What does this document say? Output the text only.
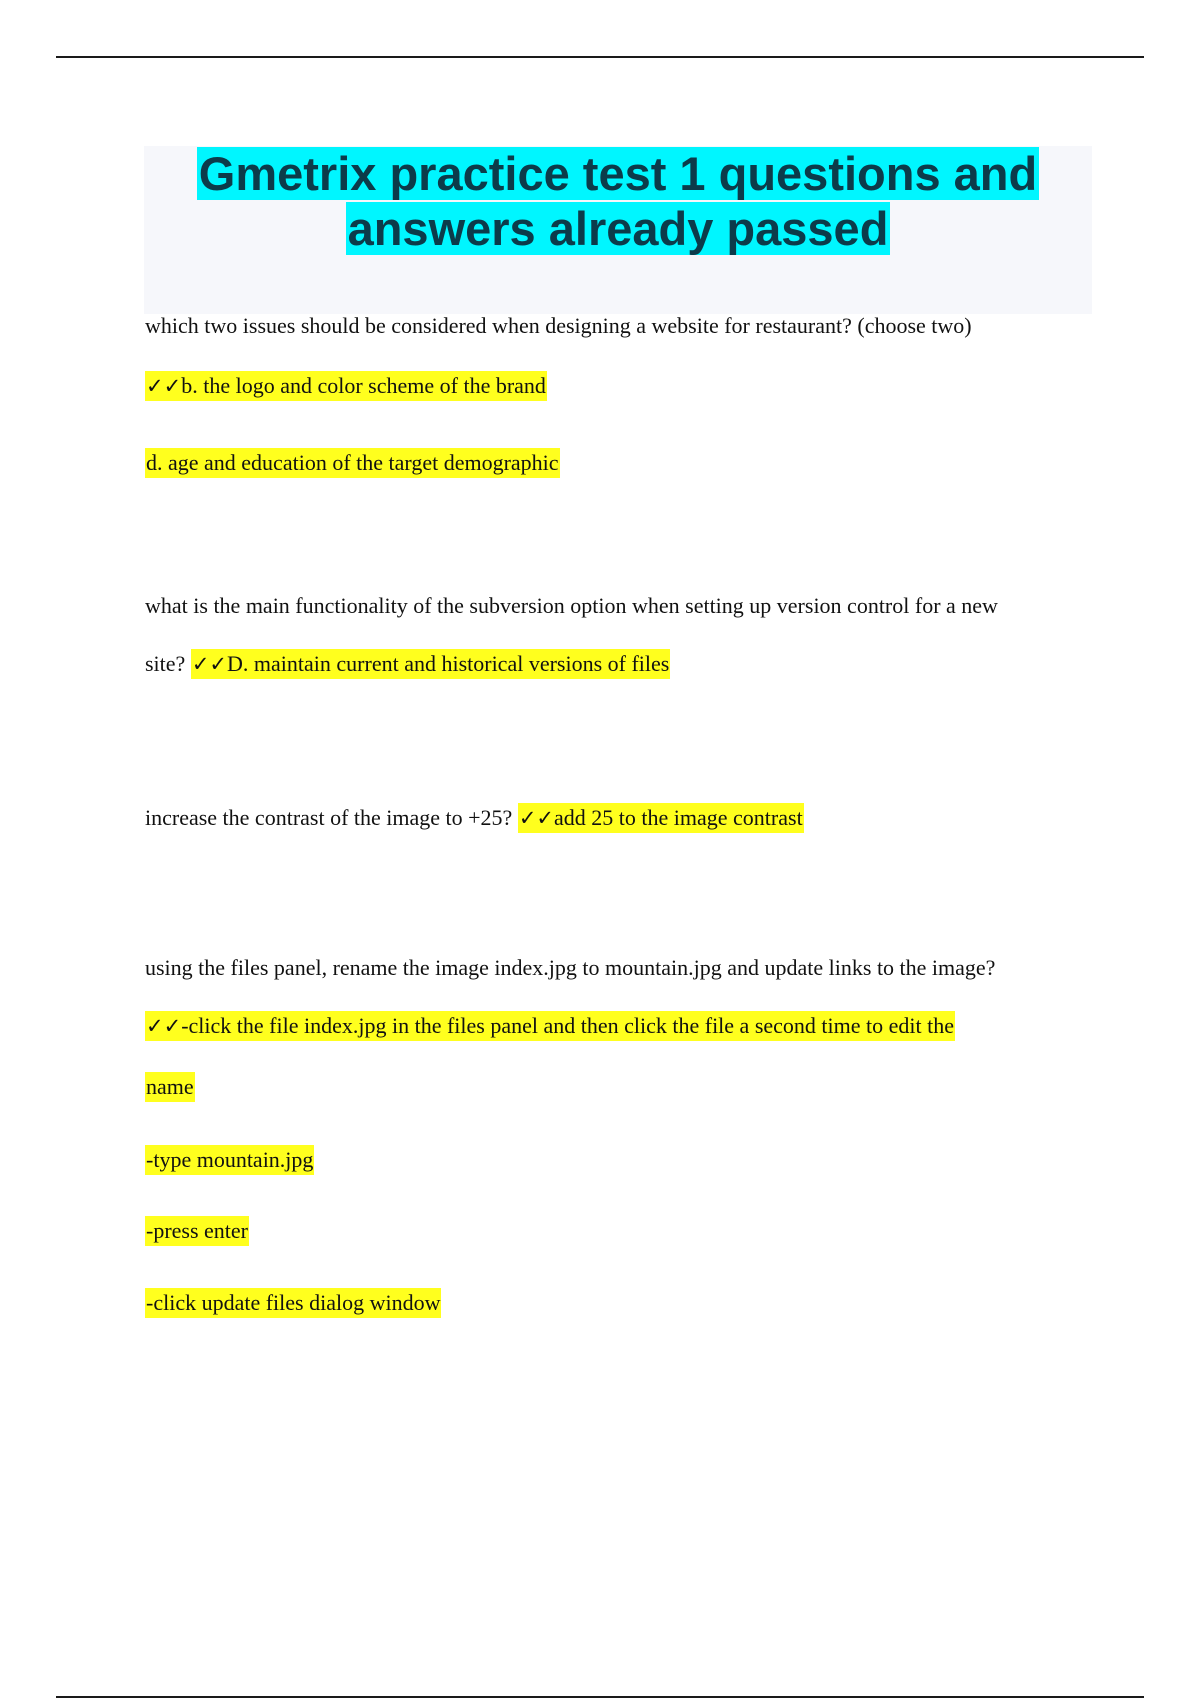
Gmetrix practice test 1 questions and
answers already passed
which two issues should be considered when designing a website for restaurant? (choose two)
✓✓b. the logo and color scheme of the brand
d. age and education of the target demographic
what is the main functionality of the subversion option when setting up version control for a new
site? ✓✓D. maintain current and historical versions of files
increase the contrast of the image to +25? ✓✓add 25 to the image contrast
using the files panel, rename the image index.jpg to mountain.jpg and update links to the image?
✓✓-click the file index.jpg in the files panel and then click the file a second time to edit the
name
-type mountain.jpg
-press enter
-click update files dialog window
